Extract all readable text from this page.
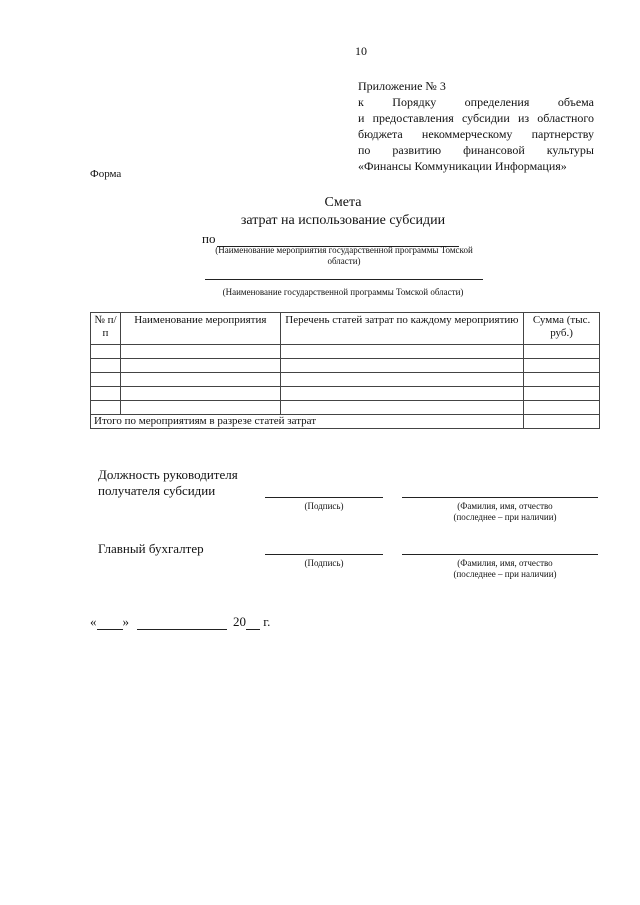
10
Приложение № 3
к Порядку определения объема
и предоставления субсидии из областного
бюджета некоммерческому партнерству
по развитию финансовой культуры
«Финансы Коммуникации Информация»
Форма
Смета
затрат на использование субсидии
по
(Наименование мероприятия государственной программы Томской области)
(Наименование государственной программы Томской области)
№ п/п	Наименование мероприятия	Перечень статей затрат по каждому мероприятию	Сумма (тыс. руб.)

Итого по мероприятиям в разрезе статей затрат			
Должность руководителя
получателя субсидии
(Подпись)	(Фамилия, имя, отчество
(последнее – при наличии)
Главный бухгалтер
(Подпись)	(Фамилия, имя, отчество
(последнее – при наличии)
« »	20 г.
